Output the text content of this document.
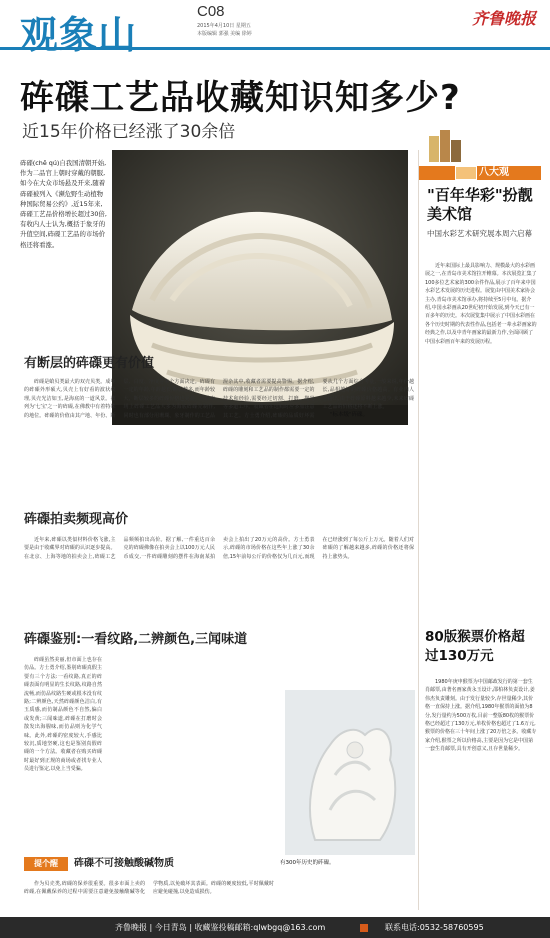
观象山
C08
2015年4月10日 星期五
本版编辑 郭强 美编 徐婷
齐鲁晚报
砗磲工艺品收藏知识知多少?
近15年价格已经涨了30余倍
砗磲(chē qú)自我国清朝开始,作为二品官上朝时穿戴的朝服,如今在大众市场悬及开来,随着砗磲被列入《濒危野生动植物种国际贸易公约》,近15年来,砗磲工艺品价格增长超过30倍,有收内人士认为,概括于象牙的升值空间,砗磲工艺品的市场价格还将看涨。
"标本级"砗磲。
有断层的砗磲更有价值
砗磲是蛤贝类最大的双壳贝类。成年的砗磲外形硕大,贝壳上有好看的波状纹理,贝壳光洁如玉,是海底的一道风景。被列为'七宝'之一的砗磲,在佛教中有着特殊的地位。砗磲的价值由其产地、年份、断层、白度、净度等多个方面决定。砗磲有一定的年龄,年龄越长,断层越多,而年龄较大、断层较多的砗磲价格也更高。目前市场上砗磲工艺品大多为海底砗磲壳制作,同时也有部分用珊瑚、象牙制作的工艺品混杂其中,收藏者需要提高警惕。据介绍,砗磲的雕刻和工艺品的制作都需要一定的技术和经验,需要经过切割、打磨、抛光等多道工序。收藏者在选购时应多加注意其工艺。方士勇介绍,砗磲的品质好坏需要从几个方面综合考量,一般来说,年份越长,品相越好的砗磲价格越高。有业内人士指出,由于砗磲原料越来越少,未来砗磲工艺品的价格还将不断上涨。
砗磲拍卖频现高价
近年来,砗磲以类似材料价格飞涨,主要是由于收藏界对砗磲的认识逐步提高。在北京、上海等地的拍卖会上,砗磲工艺品频频拍出高价。据了解,一件重达百余克的砗磲佛像在拍卖会上以100万元人民币成交,一件砗磲雕刻的摆件在海南某拍卖会上拍出了20万元的高价。方士勇表示,砗磲的市场价格在这些年上涨了30余倍,15年前每公斤的价格仅为几百元,而现在已经涨到了每公斤上万元。随着人们对砗磲的了解越来越多,砗磲的价格还将保持上涨势头。
砗磲鉴别:一看纹路,二辨颜色,三闻味道
砗磲虽然美丽,但市面上也存在仿品。方士勇介绍,鉴别砗磲真假主要有三个方法:一看纹路,真正的砗磲表面有明显的生长纹路,纹路自然流畅,而仿品纹路生硬或根本没有纹路;二辨颜色,天然砗磲颜色洁白,有玉质感,而仿制品颜色不自然,偏白或发黄;三闻味道,砗磲在打磨时会散发出海腥味,而仿品则为化学气味。此外,砗磲的密度较大,手感比较沉,质地坚硬,这也是鉴别真假砗磲的一个方法。收藏者在购买砗磲时最好到正规的商场或者找专业人员进行鉴定,以免上当受骗。
有300年历史的砗磲。
提个醒	砗磲不可接触酸碱物质
作为贝壳类,砗磲的保养很重要。很多市面上卖的砗磲,在佩戴保养的过程中需要注意避免接触酸碱等化学物质,以免破坏其表面。砗磲的硬度较低,平时佩戴时应避免碰撞,以免造成损伤。
八大观
"百年华彩"扮靓美术馆
中国水彩艺术研究展本周六启幕
近年来国际上最具影响力、规模最大的水彩画展之一,在青岛市美术馆拉开帷幕。本次展览汇集了100多位艺术家的300余件作品,展示了百年来中国水彩艺术发展的历史进程。展览由中国美术家协会主办,青岛市美术馆承办,将持续至5月中旬。据介绍,中国水彩画从20世纪初开始发展,到今天已有一百多年的历史。本次展览集中展示了中国水彩画在各个历史时期的代表性作品,包括老一辈水彩画家的经典之作,以及中青年画家的最新力作,全面回顾了中国水彩画百年来的发展历程。
80版猴票价格超过130万元
1980年庚申猴票为中国邮政发行的第一套生肖邮票,由著名画家黄永玉设计,邵柏林负责设计,姜伟杰负责雕刻。由于发行量较少,存世量稀少,其价格一直保持上涨。据介绍,1980年猴票的面值为8分,发行量约为500万枚,目前一整版80枚的猴票价格已经超过了130万元,单枚价格也超过了1.6万元,猴票的价格在三十年间上涨了20万倍之多。收藏专家介绍,猴票之所以价格高,主要是因为它是中国第一套生肖邮票,具有开创意义,且存世量稀少。
齐鲁晚报 | 今日青岛 | 收藏鉴投稿邮箱:qlwbgq@163.com	联系电话:0532-58760595
